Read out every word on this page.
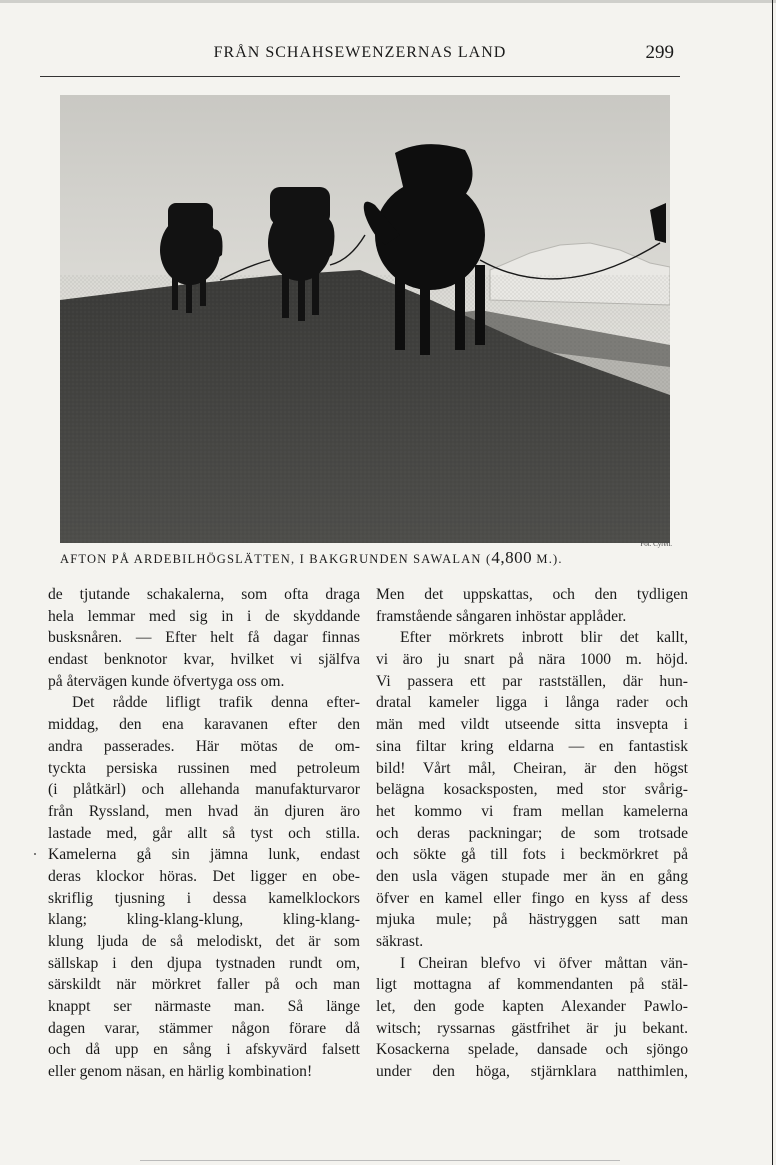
FRÅN SCHAHSEWENZERNAS LAND	299
Fot. Cyrén.
AFTON PÅ ARDEBILHÖGSLÄTTEN, I BAKGRUNDEN SAWALAN (4,800 M.).
de tjutande schakalerna, som ofta draga
hela lemmar med sig in i de skyddande
busksnåren. — Efter helt få dagar finnas
endast benknotor kvar, hvilket vi själfva
på återvägen kunde öfvertyga oss om.
Det rådde lifligt trafik denna efter-
middag, den ena karavanen efter den
andra passerades. Här mötas de om-
tyckta persiska russinen med petroleum
(i plåtkärl) och allehanda manufakturvaror
från Ryssland, men hvad än djuren äro
lastade med, går allt så tyst och stilla.
Kamelerna gå sin jämna lunk, endast
deras klockor höras. Det ligger en obe-
skriflig tjusning i dessa kamelklockors
klang; kling-klang-klung, kling-klang-
klung ljuda de så melodiskt, det är som
sällskap i den djupa tystnaden rundt om,
särskildt när mörkret faller på och man
knappt ser närmaste man. Så länge
dagen varar, stämmer någon förare då
och då upp en sång i afskyvärd falsett
eller genom näsan, en härlig kombination!
Men det uppskattas, och den tydligen
framstående sångaren inhöstar applåder.
Efter mörkrets inbrott blir det kallt,
vi äro ju snart på nära 1000 m. höjd.
Vi passera ett par rastställen, där hun-
dratal kameler ligga i långa rader och
män med vildt utseende sitta insvepta i
sina filtar kring eldarna — en fantastisk
bild! Vårt mål, Cheiran, är den högst
belägna kosacksposten, med stor svårig-
het kommo vi fram mellan kamelerna
och deras packningar; de som trotsade
och sökte gå till fots i beckmörkret på
den usla vägen stupade mer än en gång
öfver en kamel eller fingo en kyss af dess
mjuka mule; på hästryggen satt man
säkrast.
I Cheiran blefvo vi öfver måttan vän-
ligt mottagna af kommendanten på stäl-
let, den gode kapten Alexander Pawlo-
witsch; ryssarnas gästfrihet är ju bekant.
Kosackerna spelade, dansade och sjöngo
under den höga, stjärnklara natthimlen,
